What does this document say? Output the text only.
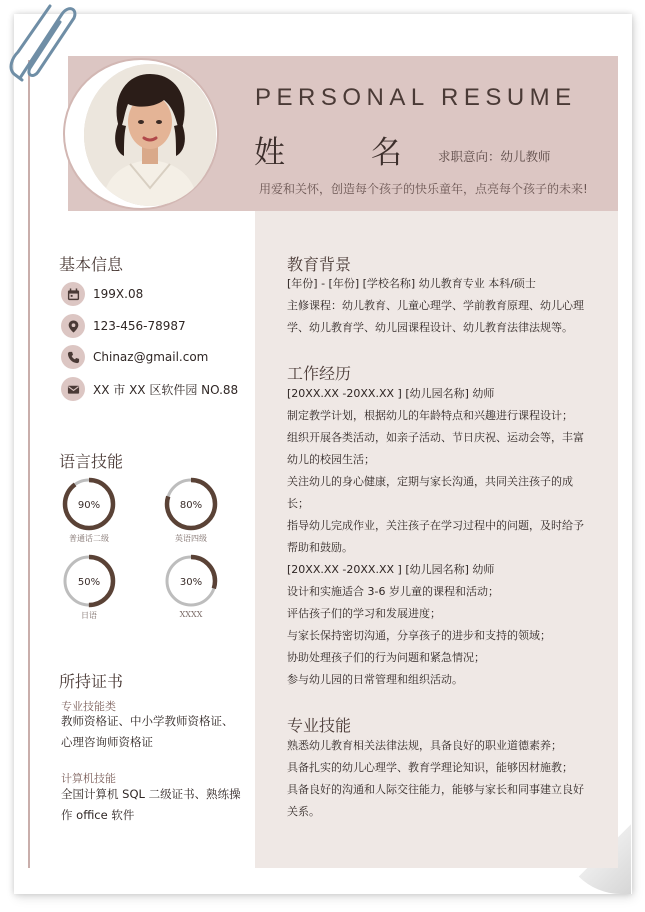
PERSONAL RESUME
姓 名
求职意向：幼儿教师
用爱和关怀，创造每个孩子的快乐童年，点亮每个孩子的未来!
基本信息
199X.08
123-456-78987
Chinaz@gmail.com
XX 市 XX 区软件园 NO.88
语言技能
90%
普通话二级
80%
英语四级
50%
日语
30%
XXXX
所持证书
专业技能类
教师资格证、中小学教师资格证、心理咨询师资格证
计算机技能
全国计算机 SQL 二级证书、熟练操作 office 软件
教育背景
[年份] - [年份] [学校名称] 幼儿教育专业 本科/硕士
主修课程：幼儿教育、儿童心理学、学前教育原理、幼儿心理学、幼儿教育学、幼儿园课程设计、幼儿教育法律法规等。
工作经历
[20XX.XX -20XX.XX ] [幼儿园名称] 幼师
制定教学计划，根据幼儿的年龄特点和兴趣进行课程设计；
组织开展各类活动，如亲子活动、节日庆祝、运动会等，丰富幼儿的校园生活；
关注幼儿的身心健康，定期与家长沟通，共同关注孩子的成长；
指导幼儿完成作业，关注孩子在学习过程中的问题，及时给予帮助和鼓励。
[20XX.XX -20XX.XX ] [幼儿园名称] 幼师
设计和实施适合 3-6 岁儿童的课程和活动；
评估孩子们的学习和发展进度；
与家长保持密切沟通，分享孩子的进步和支持的领域；
协助处理孩子们的行为问题和紧急情况；
参与幼儿园的日常管理和组织活动。
专业技能
熟悉幼儿教育相关法律法规，具备良好的职业道德素养；
具备扎实的幼儿心理学、教育学理论知识，能够因材施教；
具备良好的沟通和人际交往能力，能够与家长和同事建立良好关系。
